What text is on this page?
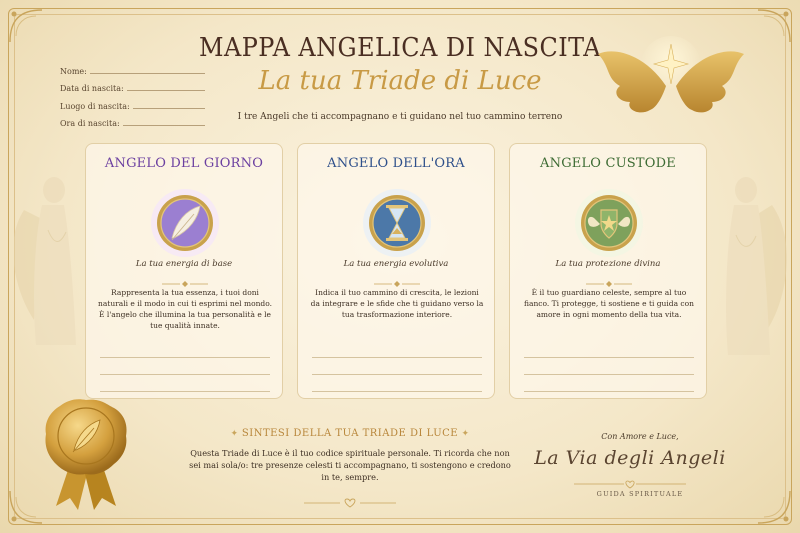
Nome:
Data di nascita:
Luogo di nascita:
Ora di nascita:
MAPPA ANGELICA DI NASCITA
La tua Triade di Luce
I tre Angeli che ti accompagnano e ti guidano nel tuo cammino terreno
ANGELO DEL GIORNO
La tua energia di base
Rappresenta la tua essenza, i tuoi doni naturali e il modo in cui ti esprimi nel mondo. È l'angelo che illumina la tua personalità e le tue qualità innate.
ANGELO DELL'ORA
La tua energia evolutiva
Indica il tuo cammino di crescita, le lezioni da integrare e le sfide che ti guidano verso la tua trasformazione interiore.
ANGELO CUSTODE
La tua protezione divina
È il tuo guardiano celeste, sempre al tuo fianco. Ti protegge, ti sostiene e ti guida con amore in ogni momento della tua vita.
✦ SINTESI DELLA TUA TRIADE DI LUCE ✦
Questa Triade di Luce è il tuo codice spirituale personale. Ti ricorda che non sei mai sola/o: tre presenze celesti ti accompagnano, ti sostengono e credono in te, sempre.
Con Amore e Luce,
La Via degli Angeli
GUIDA SPIRITUALE
